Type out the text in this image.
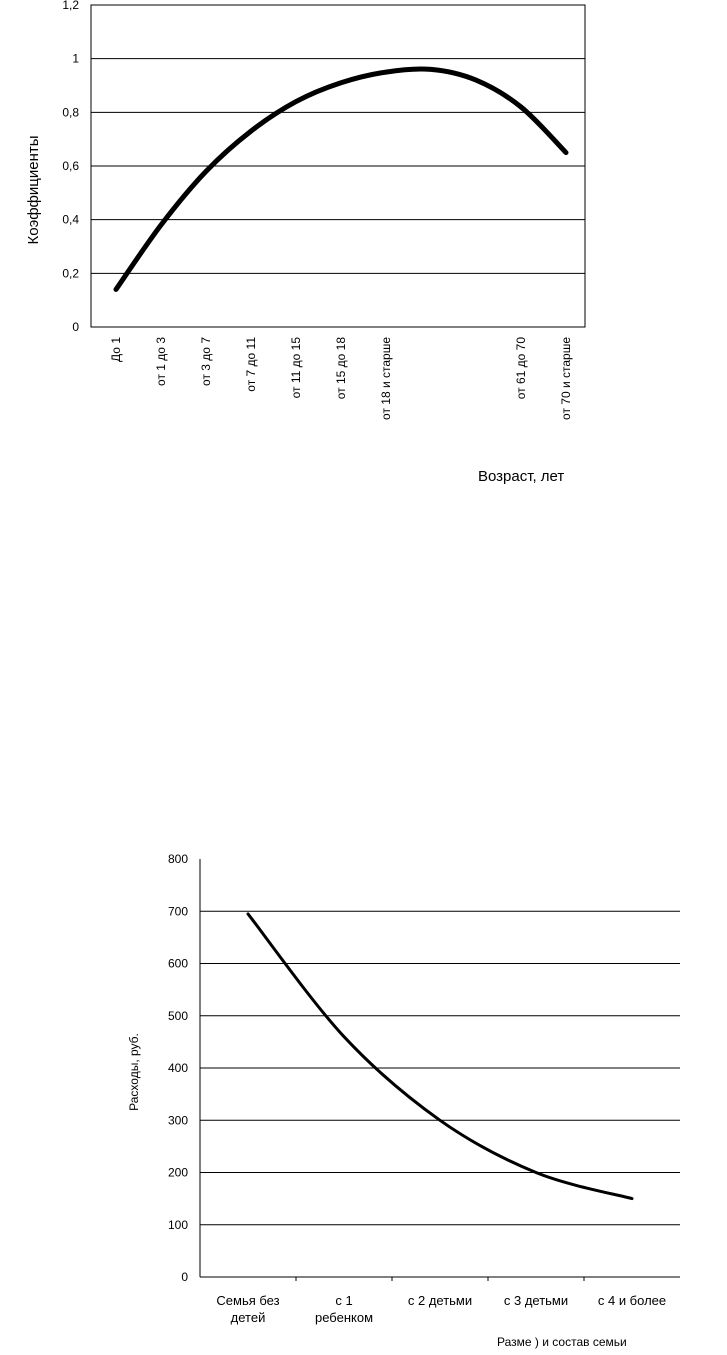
0
0,2
0,4
0,6
0,8
1
1,2
До 1	от 1 до 3	от 3 до 7	от 7 до 11	от 11 до 15	от 15 до 18	от 18 и старше	от 61 до 70	от 70 и старше
Коэффициенты
Возраст, лет
0
100
200
300
400
500
600
700
800
Семья без детей
с 1 ребенком
с 2 детьми с 3 детьми с 4 и более
Расходы, руб.
Разме ) и состав семьи
